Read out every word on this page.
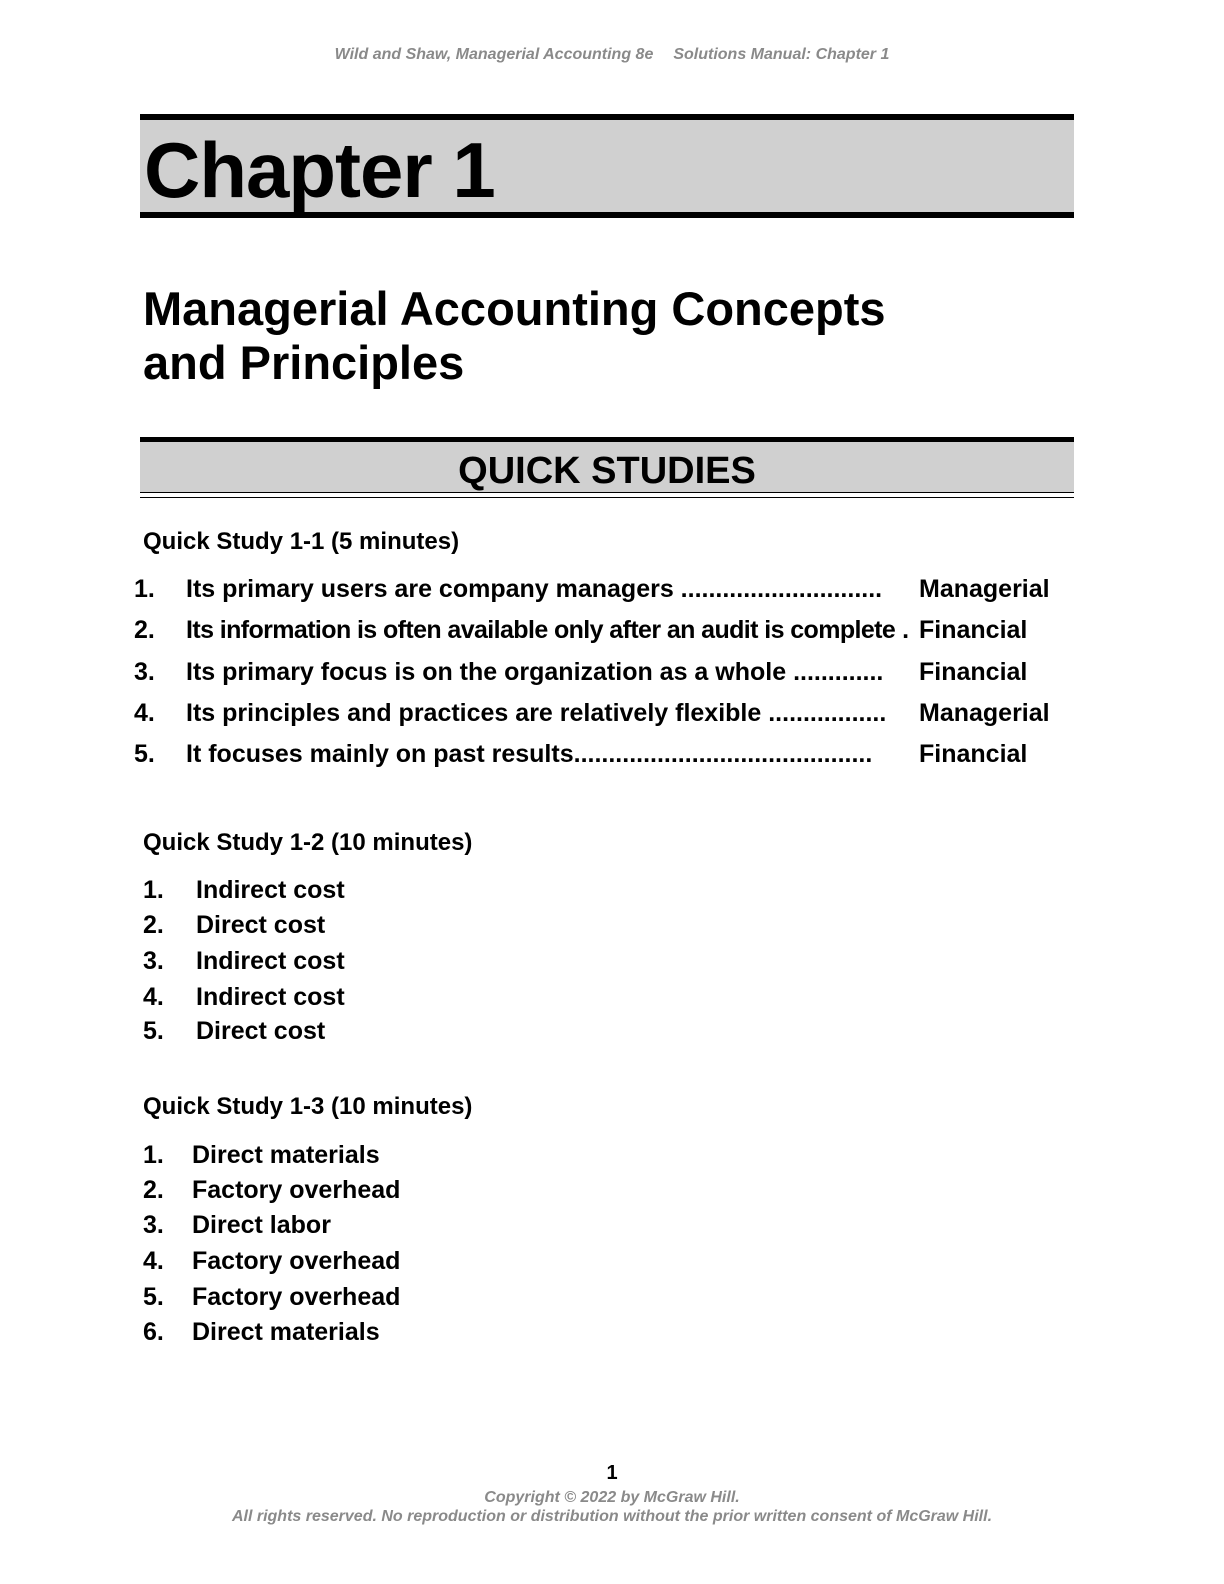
Wild and Shaw, Managerial Accounting 8e Solutions Manual: Chapter 1
Chapter 1
Managerial Accounting Concepts
and Principles
QUICK STUDIES
Quick Study 1-1 (5 minutes)
1. Its primary users are company managers .............................	Managerial
2. Its information is often available only after an audit is complete . Financial
3. Its primary focus is on the organization as a whole .............	Financial
4. Its principles and practices are relatively flexible .................	Managerial
5. It focuses mainly on past results...........................................	Financial
Quick Study 1-2 (10 minutes)
1. Indirect cost
2. Direct cost
3. Indirect cost
4. Indirect cost
5. Direct cost
Quick Study 1-3 (10 minutes)
1. Direct materials
2. Factory overhead
3. Direct labor
4. Factory overhead
5. Factory overhead
6. Direct materials
1
Copyright © 2022 by McGraw Hill.
All rights reserved. No reproduction or distribution without the prior written consent of McGraw Hill.
